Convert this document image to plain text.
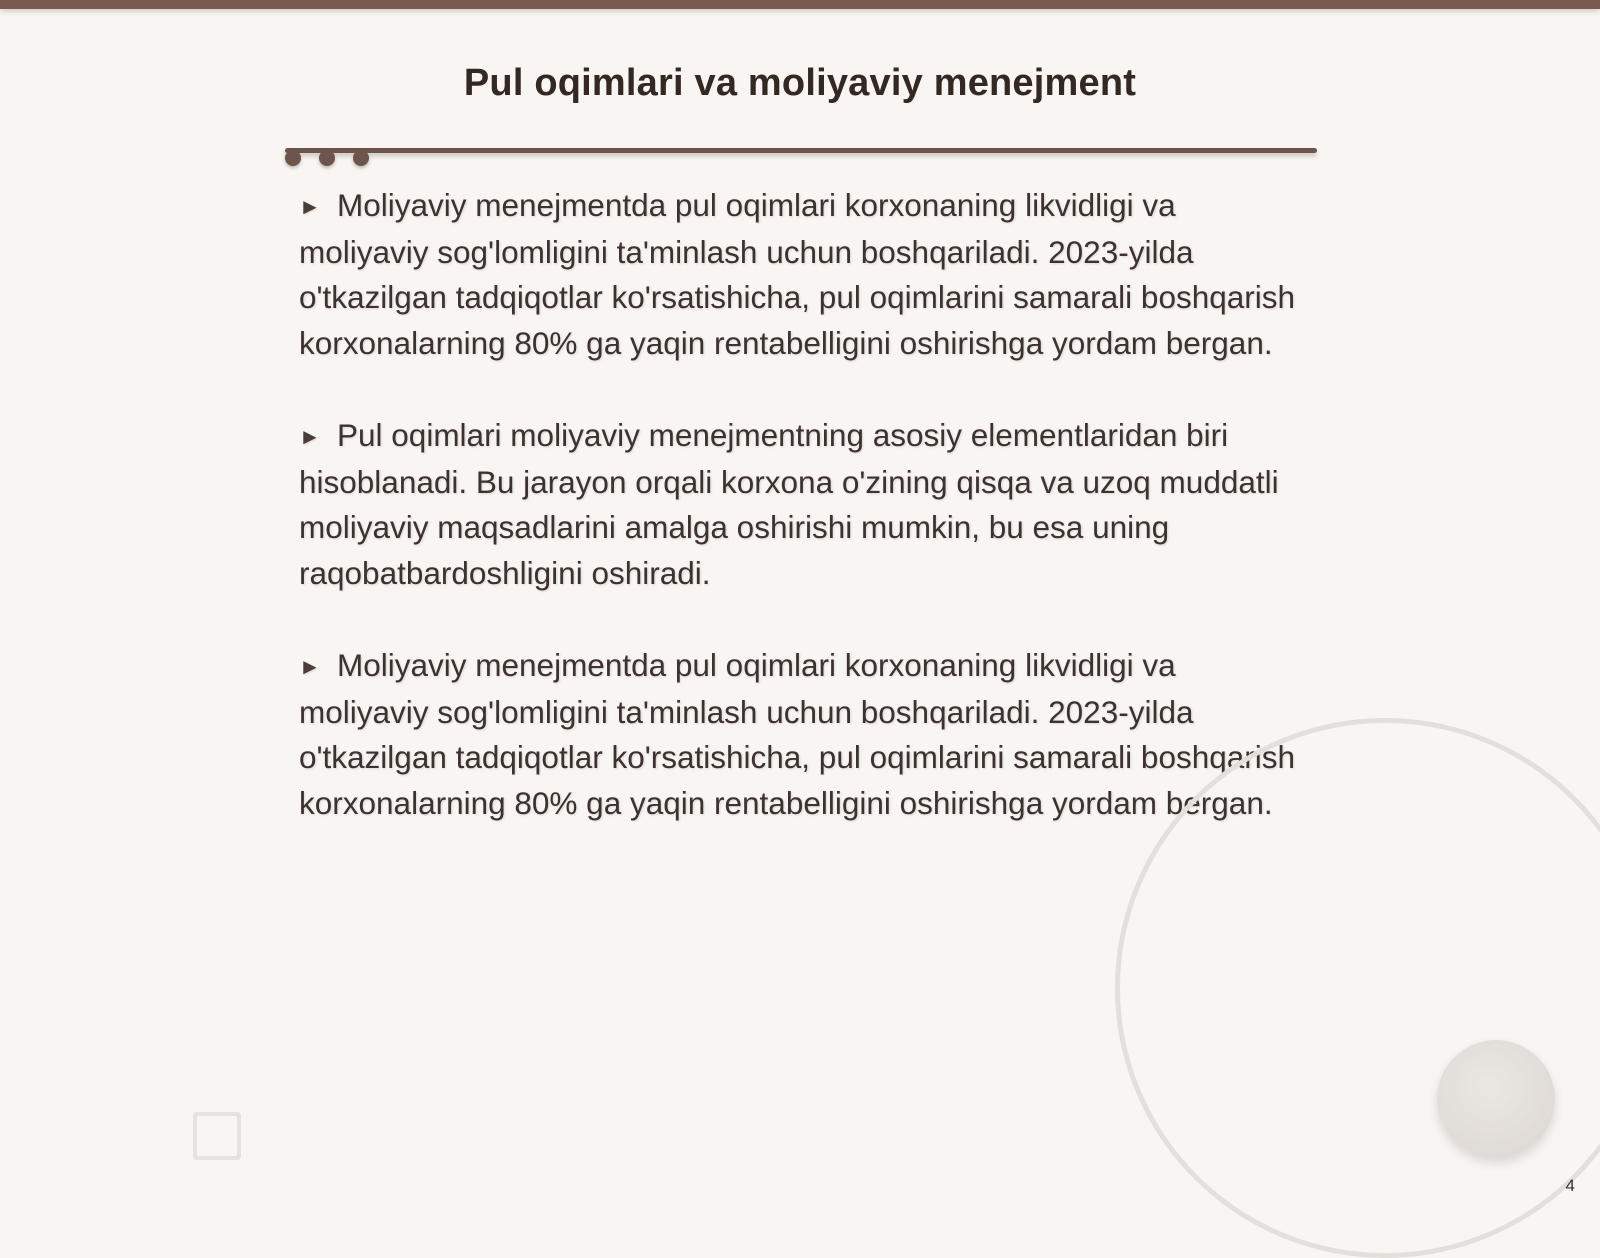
Pul oqimlari va moliyaviy menejment

► Moliyaviy menejmentda pul oqimlari korxonaning likvidligi va moliyaviy sog'lomligini ta'minlash uchun boshqariladi. 2023-yilda o'tkazilgan tadqiqotlar ko'rsatishicha, pul oqimlarini samarali boshqarish korxonalarning 80% ga yaqin rentabelligini oshirishga yordam bergan.

► Pul oqimlari moliyaviy menejmentning asosiy elementlaridan biri hisoblanadi. Bu jarayon orqali korxona o'zining qisqa va uzoq muddatli moliyaviy maqsadlarini amalga oshirishi mumkin, bu esa uning raqobatbardoshligini oshiradi.

► Moliyaviy menejmentda pul oqimlari korxonaning likvidligi va moliyaviy sog'lomligini ta'minlash uchun boshqariladi. 2023-yilda o'tkazilgan tadqiqotlar ko'rsatishicha, pul oqimlarini samarali boshqarish korxonalarning 80% ga yaqin rentabelligini oshirishga yordam bergan.

4
